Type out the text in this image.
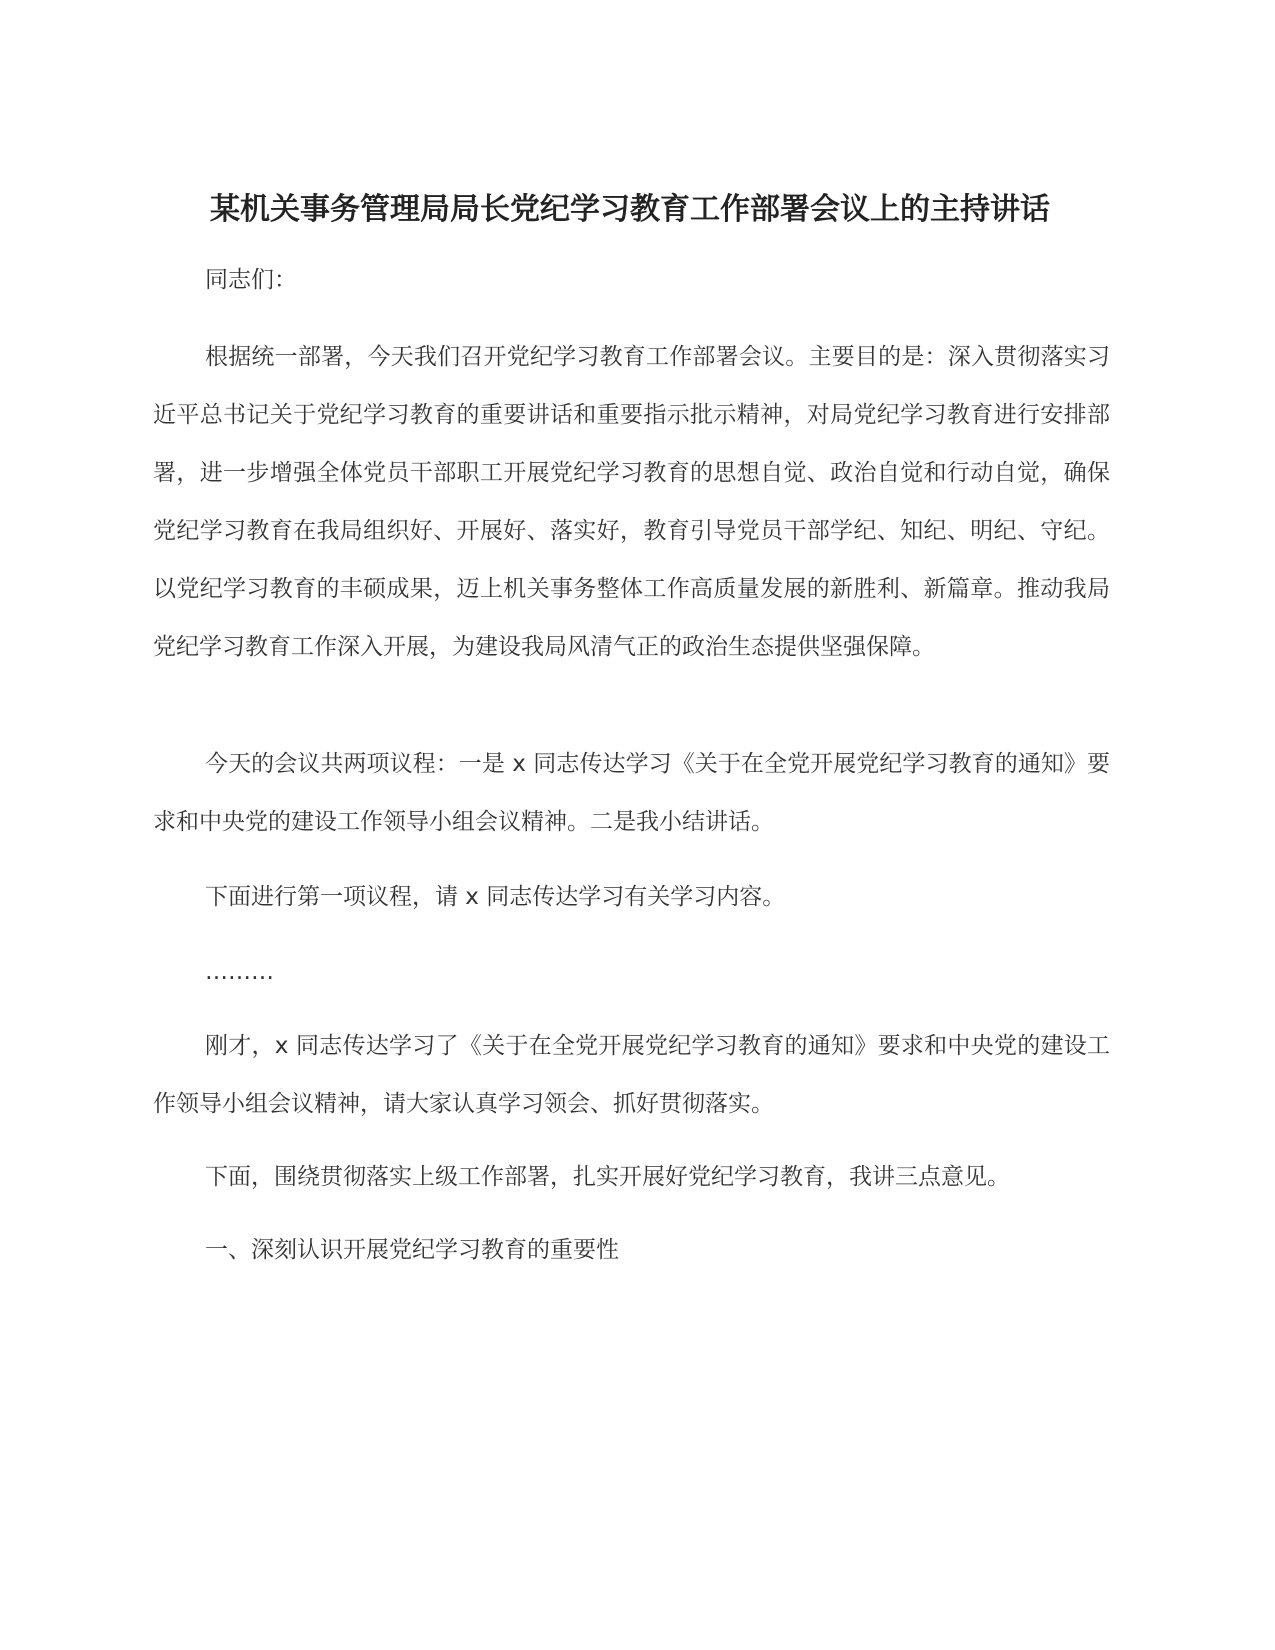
某机关事务管理局局长党纪学习教育工作部署会议上的主持讲话

同志们：

根据统一部署，今天我们召开党纪学习教育工作部署会议。主要目的是：深入贯彻落实习近平总书记关于党纪学习教育的重要讲话和重要指示批示精神，对局党纪学习教育进行安排部署，进一步增强全体党员干部职工开展党纪学习教育的思想自觉、政治自觉和行动自觉，确保党纪学习教育在我局组织好、开展好、落实好，教育引导党员干部学纪、知纪、明纪、守纪。以党纪学习教育的丰硕成果，迈上机关事务整体工作高质量发展的新胜利、新篇章。推动我局党纪学习教育工作深入开展，为建设我局风清气正的政治生态提供坚强保障。

今天的会议共两项议程：一是 x 同志传达学习《关于在全党开展党纪学习教育的通知》要求和中央党的建设工作领导小组会议精神。二是我小结讲话。

下面进行第一项议程，请 x 同志传达学习有关学习内容。

………

刚才，x 同志传达学习了《关于在全党开展党纪学习教育的通知》要求和中央党的建设工作领导小组会议精神，请大家认真学习领会、抓好贯彻落实。

下面，围绕贯彻落实上级工作部署，扎实开展好党纪学习教育，我讲三点意见。

一、深刻认识开展党纪学习教育的重要性
